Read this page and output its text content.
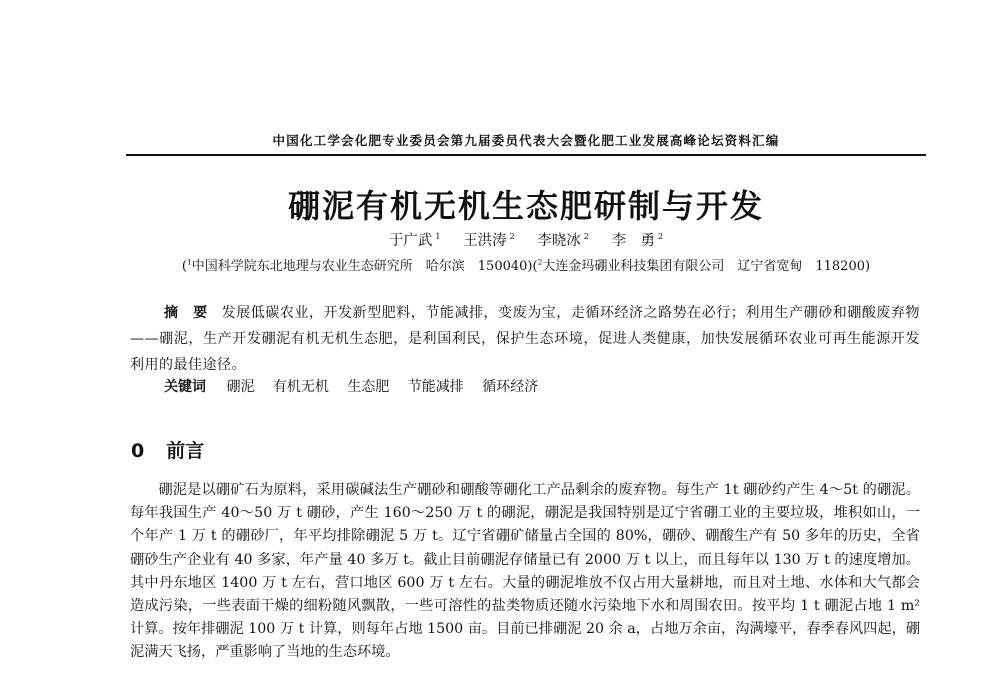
中国化工学会化肥专业委员会第九届委员代表大会暨化肥工业发展高峰论坛资料汇编
硼泥有机无机生态肥研制与开发
于广武 $^1$ 王洪涛 $^2$ 李晓冰 $^2$ 李　勇 $^2$
($^1$中国科学院东北地理与农业生态研究所　哈尔滨　150040)($^2$大连金玛硼业科技集团有限公司　辽宁省宽甸　118200)
摘　要 发展低碳农业，开发新型肥料，节能减排，变废为宝，走循环经济之路势在必行；利用生产硼砂和硼酸废弃物——硼泥，生产开发硼泥有机无机生态肥，是利国利民，保护生态环境，促进人类健康，加快发展循环农业可再生能源开发利用的最佳途径。
关键词 硼泥 有机无机 生态肥 节能减排 循环经济
0 前言
硼泥是以硼矿石为原料，采用碳碱法生产硼砂和硼酸等硼化工产品剩余的废弃物。每生产 1t 硼砂约产生 4～5t 的硼泥。每年我国生产 40～50 万 t 硼砂，产生 160～250 万 t 的硼泥，硼泥是我国特别是辽宁省硼工业的主要垃圾，堆积如山，一个年产 1 万 t 的硼砂厂，年平均排除硼泥 5 万 t。辽宁省硼矿储量占全国的 80%，硼砂、硼酸生产有 50 多年的历史，全省硼砂生产企业有 40 多家，年产量 40 多万 t。截止目前硼泥存储量已有 2000 万 t 以上，而且每年以 130 万 t 的速度增加。其中丹东地区 1400 万 t 左右，营口地区 600 万 t 左右。大量的硼泥堆放不仅占用大量耕地，而且对土地、水体和大气都会造成污染，一些表面干燥的细粉随风飘散，一些可溶性的盐类物质还随水污染地下水和周围农田。按平均 1 t 硼泥占地 1 m² 计算。按年排硼泥 100 万 t 计算，则每年占地 1500 亩。目前已排硼泥 20 余 a，占地万余亩，沟满壕平，春季春风四起，硼泥满天飞扬，严重影响了当地的生态环境。
